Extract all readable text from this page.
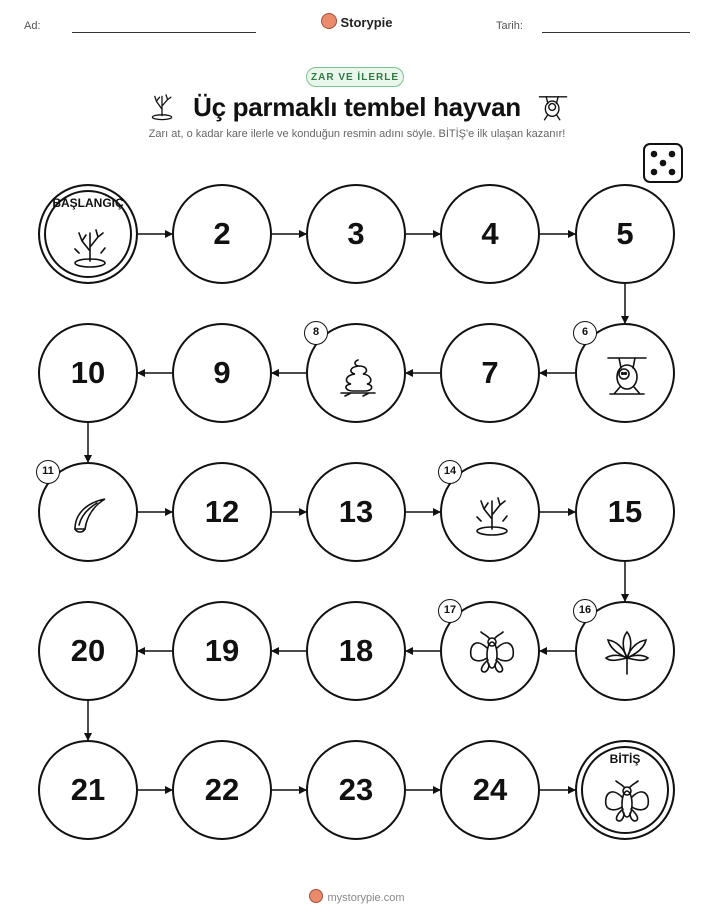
Ad:	Storypie	Tarih:
ZAR VE İLERLE
Üç parmaklı tembel hayvan
Zarı at, o kadar kare ilerle ve konduğun resmin adını söyle. BİTİŞ'e ilk ulaşan kazanır!
BAŞLANGIÇ
2	3	4	5
6
7
8
9
10
11
12	13
14
15
16
17
18
19
20
21	22	23	24
BİTİŞ
mystorypie.com
